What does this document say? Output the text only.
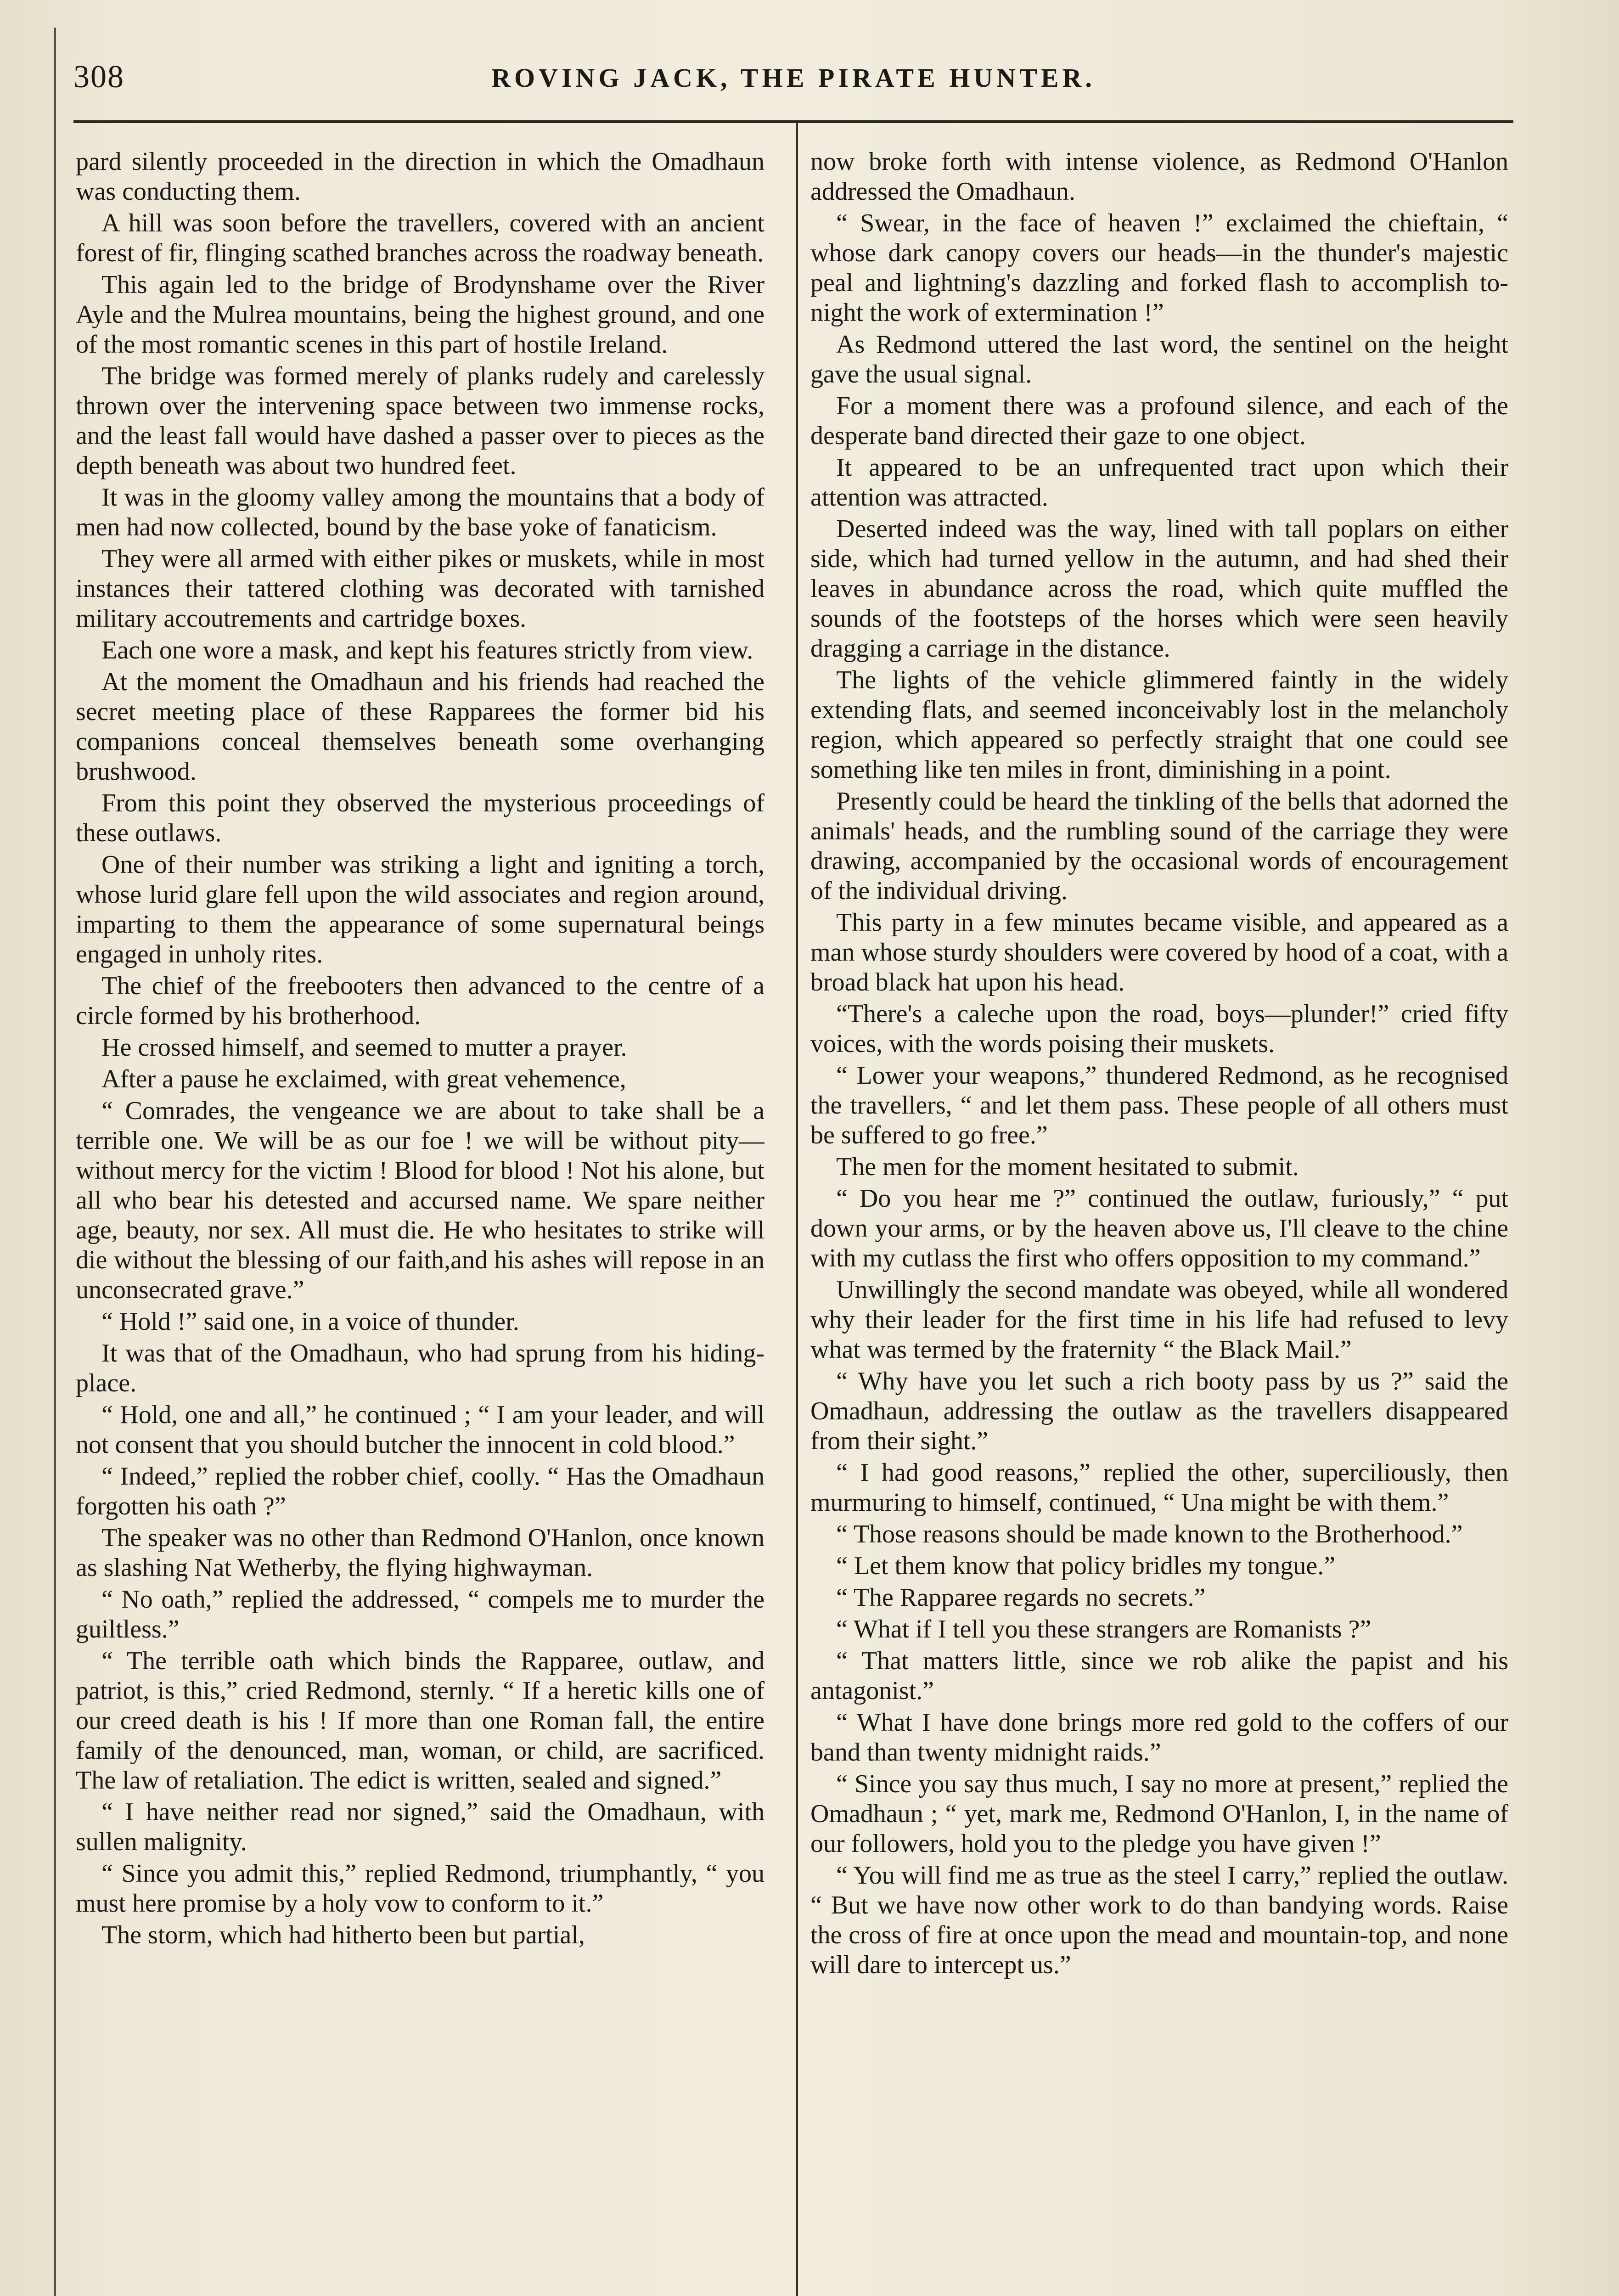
308	ROVING JACK, THE PIRATE HUNTER.

pard silently proceeded in the direction in which the Omadhaun was conducting them.

A hill was soon before the travellers, covered with an ancient forest of fir, flinging scathed branches across the roadway beneath.

This again led to the bridge of Brodynshame over the River Ayle and the Mulrea mountains, being the highest ground, and one of the most romantic scenes in this part of hostile Ireland.

The bridge was formed merely of planks rudely and carelessly thrown over the intervening space between two immense rocks, and the least fall would have dashed a passer over to pieces as the depth beneath was about two hundred feet.

It was in the gloomy valley among the mountains that a body of men had now collected, bound by the base yoke of fanaticism.

They were all armed with either pikes or muskets, while in most instances their tattered clothing was decorated with tarnished military accoutrements and cartridge boxes.

Each one wore a mask, and kept his features strictly from view.

At the moment the Omadhaun and his friends had reached the secret meeting place of these Rapparees the former bid his companions conceal themselves beneath some overhanging brushwood.

From this point they observed the mysterious proceedings of these outlaws.

One of their number was striking a light and igniting a torch, whose lurid glare fell upon the wild associates and region around, imparting to them the appearance of some supernatural beings engaged in unholy rites.

The chief of the freebooters then advanced to the centre of a circle formed by his brotherhood.

He crossed himself, and seemed to mutter a prayer.

After a pause he exclaimed, with great vehemence,

“ Comrades, the vengeance we are about to take shall be a terrible one. We will be as our foe ! we will be without pity—without mercy for the victim ! Blood for blood ! Not his alone, but all who bear his detested and accursed name. We spare neither age, beauty, nor sex. All must die. He who hesitates to strike will die without the blessing of our faith,and his ashes will repose in an unconsecrated grave.”

“ Hold !” said one, in a voice of thunder.

It was that of the Omadhaun, who had sprung from his hiding-place.

“ Hold, one and all,” he continued ; “ I am your leader, and will not consent that you should butcher the innocent in cold blood.”

“ Indeed,” replied the robber chief, coolly. “ Has the Omadhaun forgotten his oath ?”

The speaker was no other than Redmond O'Hanlon, once known as slashing Nat Wetherby, the flying highwayman.

“ No oath,” replied the addressed, “ compels me to murder the guiltless.”

“ The terrible oath which binds the Rapparee, outlaw, and patriot, is this,” cried Redmond, sternly. “ If a heretic kills one of our creed death is his ! If more than one Roman fall, the entire family of the denounced, man, woman, or child, are sacrificed. The law of retaliation. The edict is written, sealed and signed.”

“ I have neither read nor signed,” said the Omadhaun, with sullen malignity.

“ Since you admit this,” replied Redmond, triumphantly, “ you must here promise by a holy vow to conform to it.”

The storm, which had hitherto been but partial,

now broke forth with intense violence, as Redmond O'Hanlon addressed the Omadhaun.

“ Swear, in the face of heaven !” exclaimed the chieftain, “ whose dark canopy covers our heads—in the thunder's majestic peal and lightning's dazzling and forked flash to accomplish to-night the work of extermination !”

As Redmond uttered the last word, the sentinel on the height gave the usual signal.

For a moment there was a profound silence, and each of the desperate band directed their gaze to one object.

It appeared to be an unfrequented tract upon which their attention was attracted.

Deserted indeed was the way, lined with tall poplars on either side, which had turned yellow in the autumn, and had shed their leaves in abundance across the road, which quite muffled the sounds of the footsteps of the horses which were seen heavily dragging a carriage in the distance.

The lights of the vehicle glimmered faintly in the widely extending flats, and seemed inconceivably lost in the melancholy region, which appeared so perfectly straight that one could see something like ten miles in front, diminishing in a point.

Presently could be heard the tinkling of the bells that adorned the animals' heads, and the rumbling sound of the carriage they were drawing, accompanied by the occasional words of encouragement of the individual driving.

This party in a few minutes became visible, and appeared as a man whose sturdy shoulders were covered by hood of a coat, with a broad black hat upon his head.

“There's a caleche upon the road, boys—plunder!” cried fifty voices, with the words poising their muskets.

“ Lower your weapons,” thundered Redmond, as he recognised the travellers, “ and let them pass. These people of all others must be suffered to go free.”

The men for the moment hesitated to submit.

“ Do you hear me ?” continued the outlaw, furiously,” “ put down your arms, or by the heaven above us, I'll cleave to the chine with my cutlass the first who offers opposition to my command.”

Unwillingly the second mandate was obeyed, while all wondered why their leader for the first time in his life had refused to levy what was termed by the fraternity “ the Black Mail.”

“ Why have you let such a rich booty pass by us ?” said the Omadhaun, addressing the outlaw as the travellers disappeared from their sight.”

“ I had good reasons,” replied the other, superciliously, then murmuring to himself, continued, “ Una might be with them.”

“ Those reasons should be made known to the Brotherhood.”

“ Let them know that policy bridles my tongue.”

“ The Rapparee regards no secrets.”

“ What if I tell you these strangers are Romanists ?”

“ That matters little, since we rob alike the papist and his antagonist.”

“ What I have done brings more red gold to the coffers of our band than twenty midnight raids.”

“ Since you say thus much, I say no more at present,” replied the Omadhaun ; “ yet, mark me, Redmond O'Hanlon, I, in the name of our followers, hold you to the pledge you have given !”

“ You will find me as true as the steel I carry,” replied the outlaw. “ But we have now other work to do than bandying words. Raise the cross of fire at once upon the mead and mountain-top, and none will dare to intercept us.”
